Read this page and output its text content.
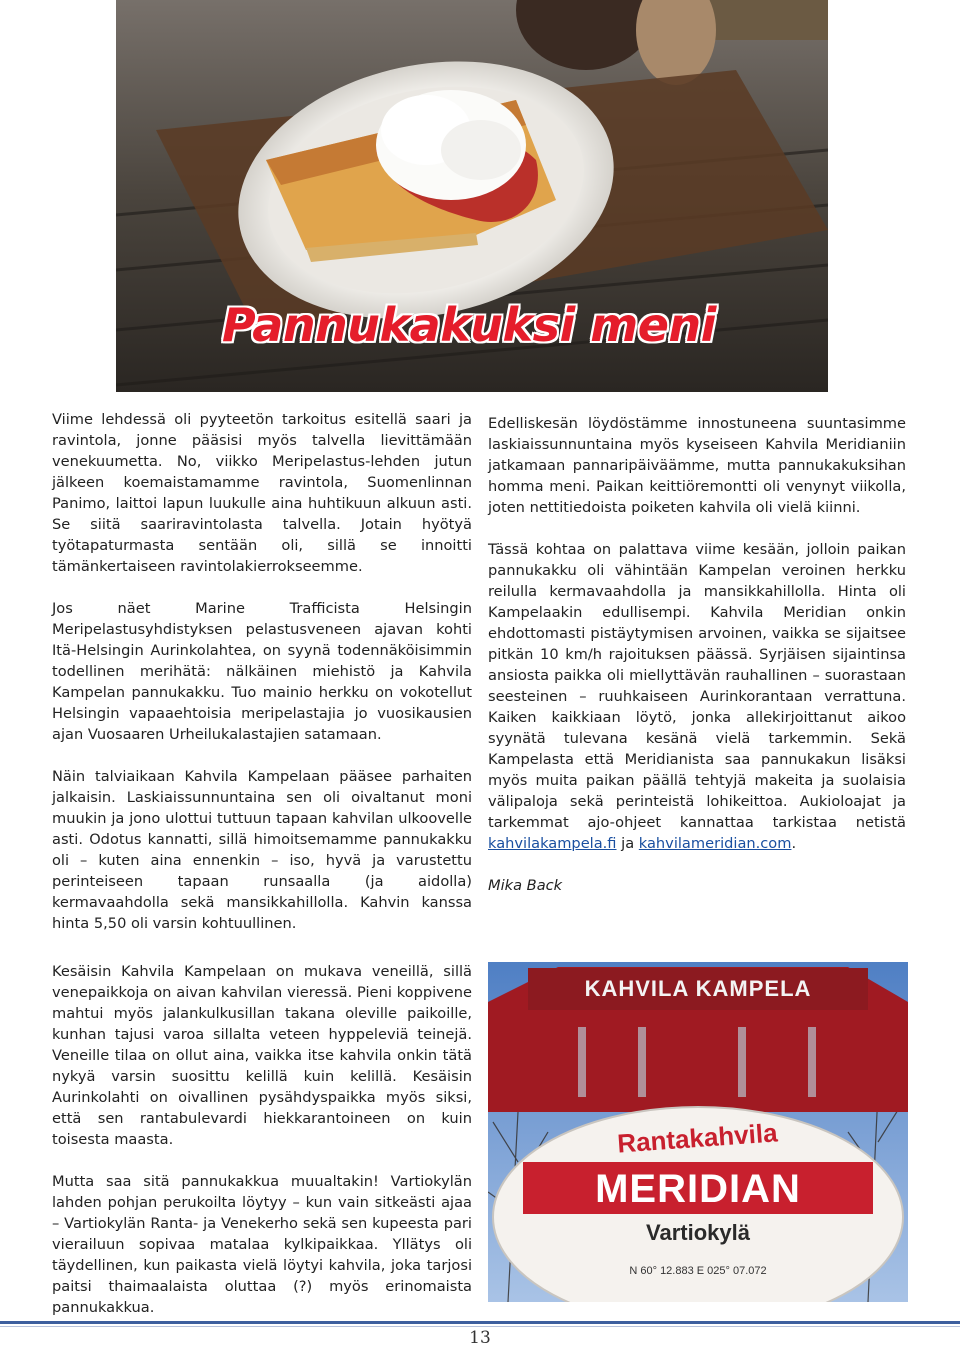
Pannukakuksi meni

Viime lehdessä oli pyyteetön tarkoitus esitellä saari ja ravintola, jonne pääsisi myös talvella lievittämään venekuumetta. No, viikko Meripelastus-lehden jutun jälkeen koemaistamamme ravintola, Suomenlinnan Panimo, laittoi lapun luukulle aina huhtikuun alkuun asti. Se siitä saariravintolasta talvella. Jotain hyötyä työtapaturmasta sentään oli, sillä se innoitti tämänkertaiseen ravintolakierrokseemme.

Jos näet Marine Trafficista Helsingin Meripelastusyhdistyksen pelastusveneen ajavan kohti Itä-Helsingin Aurinkolahtea, on syynä todennäköisimmin todellinen merihätä: nälkäinen miehistö ja Kahvila Kampelan pannukakku. Tuo mainio herkku on vokotellut Helsingin vapaaehtoisia meripelastajia jo vuosikausien ajan Vuosaaren Urheilukalastajien satamaan.

Näin talviaikaan Kahvila Kampelaan pääsee parhaiten jalkaisin. Laskiaissunnuntaina sen oli oivaltanut moni muukin ja jono ulottui tuttuun tapaan kahvilan ulkoovelle asti. Odotus kannatti, sillä himoitsemamme pannukakku oli – kuten aina ennenkin – iso, hyvä ja varustettu perinteiseen tapaan runsaalla (ja aidolla) kermavaahdolla sekä mansikkahillolla. Kahvin kanssa hinta 5,50 oli varsin kohtuullinen.

Edelliskesän löydöstämme innostuneena suuntasimme laskiaissunnuntaina myös kyseiseen Kahvila Meridianiin jatkamaan pannaripäiväämme, mutta pannukakuksihan homma meni. Paikan keittiöremontti oli venynyt viikolla, joten nettitiedoista poiketen kahvila oli vielä kiinni.

Tässä kohtaa on palattava viime kesään, jolloin paikan pannukakku oli vähintään Kampelan veroinen herkku reilulla kermavaahdolla ja mansikkahillolla. Hinta oli Kampelaakin edullisempi. Kahvila Meridian onkin ehdottomasti pistäytymisen arvoinen, vaikka se sijaitsee pitkän 10 km/h rajoituksen päässä. Syrjäisen sijaintinsa ansiosta paikka oli miellyttävän rauhallinen – suorastaan seesteinen – ruuhkaiseen Aurinkorantaan verrattuna. Kaiken kaikkiaan löytö, jonka allekirjoittanut aikoo syynätä tulevana kesänä vielä tarkemmin. Sekä Kampelasta että Meridianista saa pannukakun lisäksi myös muita paikan päällä tehtyjä makeita ja suolaisia välipaloja sekä perinteistä lohikeittoa. Aukioloajat ja tarkemmat ajo-ohjeet kannattaa tarkistaa netistä kahvilakampela.fi ja kahvilameridian.com.

Mika Back

Kesäisin Kahvila Kampelaan on mukava veneillä, sillä venepaikkoja on aivan kahvilan vieressä. Pieni koppivene mahtui myös jalankulkusillan takana oleville paikoille, kunhan tajusi varoa sillalta veteen hyppeleviä teinejä. Veneille tilaa on ollut aina, vaikka itse kahvila onkin tätä nykyä varsin suosittu kelillä kuin kelillä. Kesäisin Aurinkolahti on oivallinen pysähdyspaikka myös siksi, että sen rantabulevardi hiekkarantoineen on kuin toisesta maasta.

Mutta saa sitä pannukakkua muualtakin! Vartiokylän lahden pohjan perukoilta löytyy – kun vain sitkeästi ajaa – Vartiokylän Ranta- ja Venekerho sekä sen kupeesta pari vierailuun sopivaa matalaa kylkipaikkaa. Yllätys oli täydellinen, kun paikasta vielä löytyi kahvila, joka tarjosi paitsi thaimaalaista oluttaa (?) myös erinomaista pannukakkua.

KAHVILA KAMPELA
Rantakahvila
MERIDIAN
Vartiokylä
N 60° 12.883 E 025° 07.072
13
